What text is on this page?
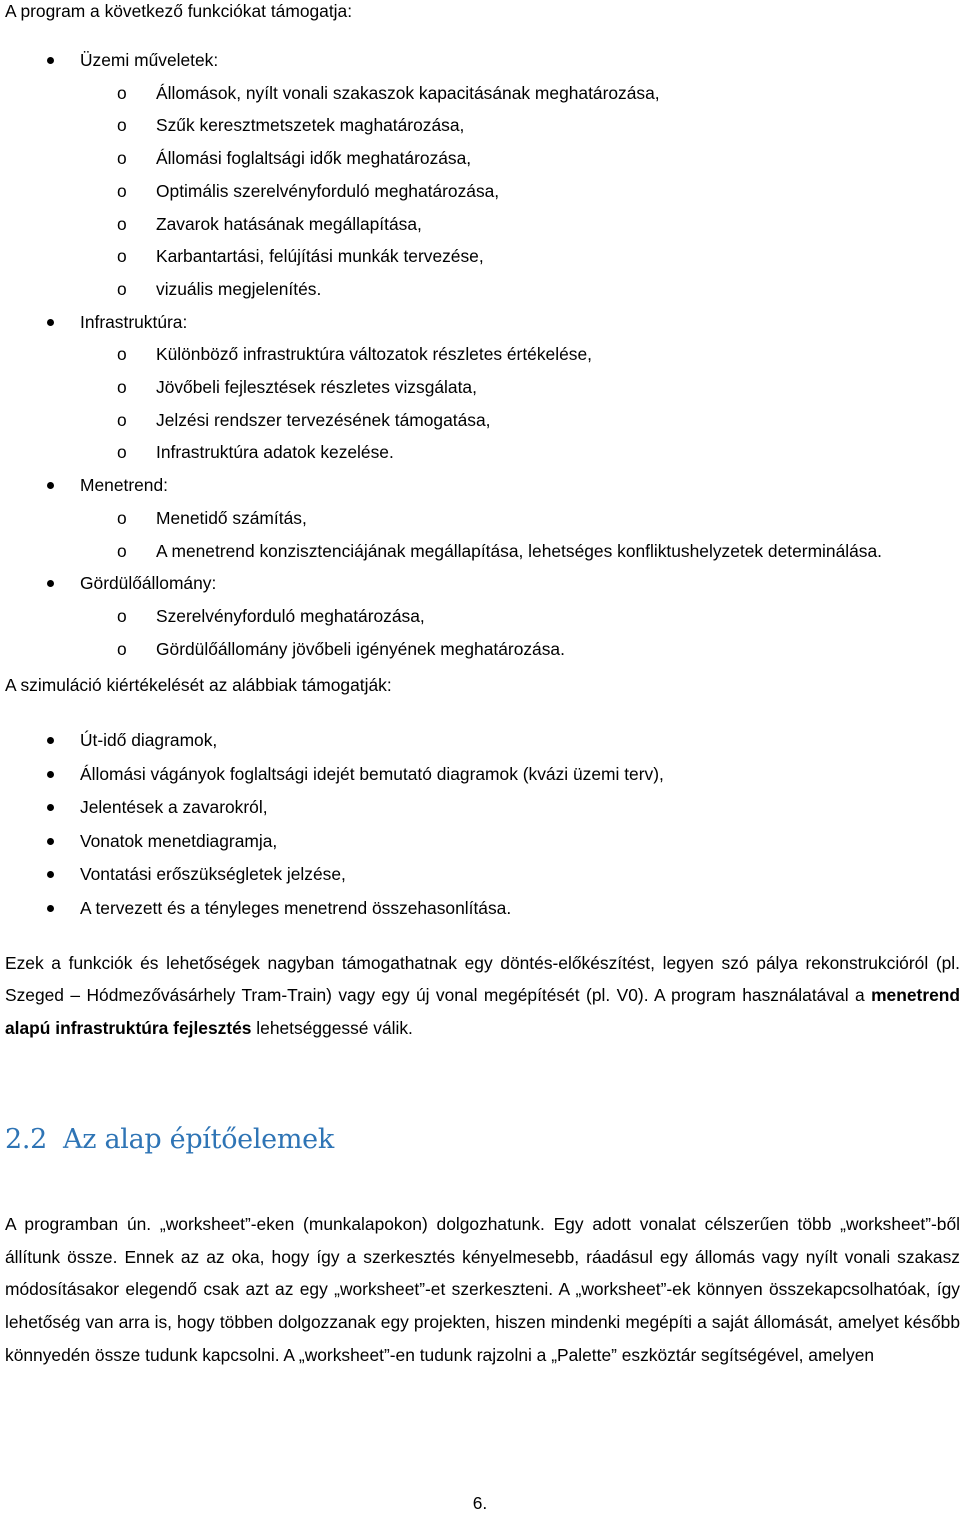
A program a következő funkciókat támogatja:

Üzemi műveletek:
o Állomások, nyílt vonali szakaszok kapacitásának meghatározása,
o Szűk keresztmetszetek maghatározása,
o Állomási foglaltsági idők meghatározása,
o Optimális szerelvényforduló meghatározása,
o Zavarok hatásának megállapítása,
o Karbantartási, felújítási munkák tervezése,
o vizuális megjelenítés.
Infrastruktúra:
o Különböző infrastruktúra változatok részletes értékelése,
o Jövőbeli fejlesztések részletes vizsgálata,
o Jelzési rendszer tervezésének támogatása,
o Infrastruktúra adatok kezelése.
Menetrend:
o Menetidő számítás,
o A menetrend konzisztenciájának megállapítása, lehetséges konfliktushelyzetek determinálása.
Gördülőállomány:
o Szerelvényforduló meghatározása,
o Gördülőállomány jövőbeli igényének meghatározása.

A szimuláció kiértékelését az alábbiak támogatják:

Út-idő diagramok,
Állomási vágányok foglaltsági idejét bemutató diagramok (kvázi üzemi terv),
Jelentések a zavarokról,
Vonatok menetdiagramja,
Vontatási erőszükségletek jelzése,
A tervezett és a tényleges menetrend összehasonlítása.

Ezek a funkciók és lehetőségek nagyban támogathatnak egy döntés-előkészítést, legyen szó pálya rekonstrukcióról (pl. Szeged – Hódmezővásárhely Tram-Train) vagy egy új vonal megépítését (pl. V0). A program használatával a menetrend alapú infrastruktúra fejlesztés lehetséggessé válik.

2.2 Az alap építőelemek

A programban ún. „worksheet”-eken (munkalapokon) dolgozhatunk. Egy adott vonalat célszerűen több „worksheet”-ből állítunk össze. Ennek az az oka, hogy így a szerkesztés kényelmesebb, ráadásul egy állomás vagy nyílt vonali szakasz módosításakor elegendő csak azt az egy „worksheet”-et szerkeszteni. A „worksheet”-ek könnyen összekapcsolhatóak, így lehetőség van arra is, hogy többen dolgozzanak egy projekten, hiszen mindenki megépíti a saját állomását, amelyet később könnyedén össze tudunk kapcsolni. A „worksheet”-en tudunk rajzolni a „Palette” eszköztár segítségével, amelyen

6.
